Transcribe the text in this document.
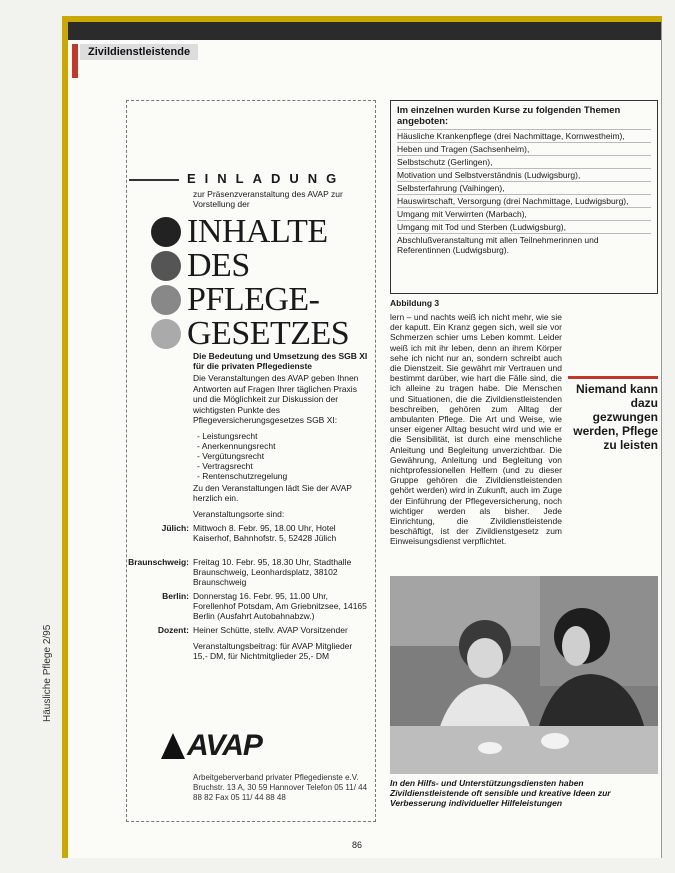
Zivildienstleistende
Häusliche Pflege 2/95
EINLADUNG
zur Präsenzveranstaltung des AVAP zur Vorstellung der
INHALTE
DES
PFLEGE-
GESETZES
Die Bedeutung und Umsetzung des SGB XI für die privaten Pflegedienste
Die Veranstaltungen des AVAP geben Ihnen Antworten auf Fragen Ihrer täglichen Praxis und die Möglichkeit zur Diskussion der wichtigsten Punkte des Pflegeversicherungsgesetzes SGB XI:
- Leistungsrecht
- Anerkennungsrecht
- Vergütungsrecht
- Vertragsrecht
- Rentenschutzregelung
Zu den Veranstaltungen lädt Sie der AVAP herzlich ein.
Veranstaltungsorte sind:
Jülich: Mittwoch 8. Febr. 95, 18.00 Uhr, Hotel Kaiserhof, Bahnhofstr. 5, 52428 Jülich
Braunschweig: Freitag 10. Febr. 95, 18.30 Uhr, Stadthalle Braunschweig, Leonhardsplatz, 38102 Braunschweig
Berlin: Donnerstag 16. Febr. 95, 11.00 Uhr, Forellenhof Potsdam, Am Griebnitzsee, 14165 Berlin (Ausfahrt Autobahnabzw.)
Dozent: Heiner Schütte, stellv. AVAP Vorsitzender
Veranstaltungsbeitrag: für AVAP Mitglieder 15,- DM, für Nichtmitglieder 25,- DM
AVAP
Arbeitgeberverband privater Pflegedienste e.V. Bruchstr. 13 A, 30 59 Hannover Telefon 05 11/ 44 88 82 Fax 05 11/ 44 88 48
Im einzelnen wurden Kurse zu folgenden Themen angeboten:
Häusliche Krankenpflege (drei Nachmittage, Kornwestheim),
Heben und Tragen (Sachsenheim),
Selbstschutz (Gerlingen),
Motivation und Selbstverständnis (Ludwigsburg),
Selbsterfahrung (Vaihingen),
Hauswirtschaft, Versorgung (drei Nachmittage, Ludwigsburg),
Umgang mit Verwirrten (Marbach),
Umgang mit Tod und Sterben (Ludwigsburg),
Abschlußveranstaltung mit allen Teilnehmerinnen und Referentinnen (Ludwigsburg).
Abbildung 3
lern – und nachts weiß ich nicht mehr, wie sie der kaputt. Ein Kranz gegen sich, weil sie vor Schmerzen schier ums Leben kommt. Leider weiß ich mit ihr leben, denn an ihrem Körper sehe ich nicht nur an, sondern schreibt auch die Dienstzeit. Sie gewährt mir Vertrauen und bestimmt darüber, wie hart die Fälle sind, die ich alleine zu tragen habe. Die Menschen und Situationen, die die Zivildienstleistenden beschreiben, gehören zum Alltag der ambulanten Pflege. Die Art und Weise, wie unser eigener Alltag besucht wird und wie er die Sensibilität, ist durch eine menschliche Anleitung und Begleitung unverzichtbar. Die Gewährung, Anleitung und Begleitung von nichtprofessionellen Helfern (und zu dieser Gruppe gehören die Zivildienstleistenden gehört werden) wird in Zukunft, auch im Zuge der Einführung der Pflegeversicherung, noch wichtiger werden als bisher. Jede Einrichtung, die Zivildienstleistende beschäftigt, ist der Zivildienstgesetz zum Einweisungsdienst verpflichtet.
Niemand kann dazu gezwungen werden, Pflege zu leisten
In den Hilfs- und Unterstützungsdiensten haben Zivildienstleistende oft sensible und kreative Ideen zur Verbesserung individueller Hilfeleistungen
86
